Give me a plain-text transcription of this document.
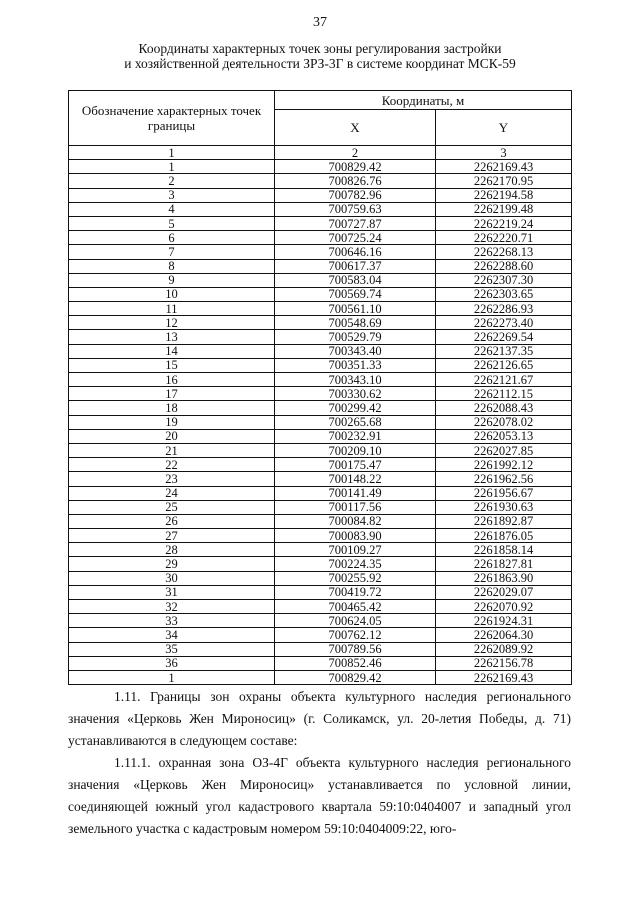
37
Координаты характерных точек зоны регулирования застройки
и хозяйственной деятельности ЗРЗ-3Г в системе координат МСК-59
Обозначение характерных точек границы	Координаты, м	
	X	Y
1	2	3
1	700829.42	2262169.43
2	700826.76	2262170.95
3	700782.96	2262194.58
4	700759.63	2262199.48
5	700727.87	2262219.24
6	700725.24	2262220.71
7	700646.16	2262268.13
8	700617.37	2262288.60
9	700583.04	2262307.30
10	700569.74	2262303.65
11	700561.10	2262286.93
12	700548.69	2262273.40
13	700529.79	2262269.54
14	700343.40	2262137.35
15	700351.33	2262126.65
16	700343.10	2262121.67
17	700330.62	2262112.15
18	700299.42	2262088.43
19	700265.68	2262078.02
20	700232.91	2262053.13
21	700209.10	2262027.85
22	700175.47	2261992.12
23	700148.22	2261962.56
24	700141.49	2261956.67
25	700117.56	2261930.63
26	700084.82	2261892.87
27	700083.90	2261876.05
28	700109.27	2261858.14
29	700224.35	2261827.81
30	700255.92	2261863.90
31	700419.72	2262029.07
32	700465.42	2262070.92
33	700624.05	2261924.31
34	700762.12	2262064.30
35	700789.56	2262089.92
36	700852.46	2262156.78
1	700829.42	2262169.43

1.11. Границы зон охраны объекта культурного наследия регионального значения «Церковь Жен Мироносиц» (г. Соликамск, ул. 20-летия Победы, д. 71) устанавливаются в следующем составе:

1.11.1. охранная зона ОЗ-4Г объекта культурного наследия регионального значения «Церковь Жен Мироносиц» устанавливается по условной линии, соединяющей южный угол кадастрового квартала 59:10:0404007 и западный угол земельного участка с кадастровым номером 59:10:0404009:22, юго-
